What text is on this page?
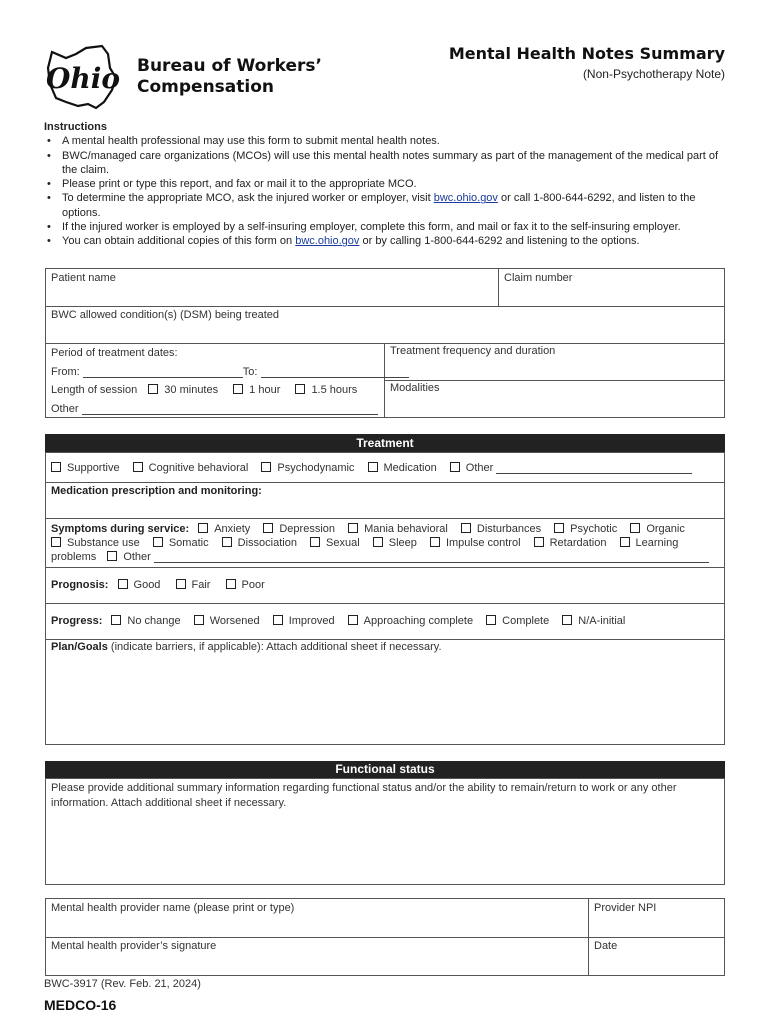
Ohio Bureau of Workers’
Compensation
Mental Health Notes Summary
(Non-Psychotherapy Note)
Instructions
• A mental health professional may use this form to submit mental health notes.
• BWC/managed care organizations (MCOs) will use this mental health notes summary as part of the management of the medical part of the claim.
• Please print or type this report, and fax or mail it to the appropriate MCO.
• To determine the appropriate MCO, ask the injured worker or employer, visit bwc.ohio.gov or call 1-800-644-6292, and listen to the options.
• If the injured worker is employed by a self-insuring employer, complete this form, and mail or fax it to the self-insuring employer.
• You can obtain additional copies of this form on bwc.ohio.gov or by calling 1-800-644-6292 and listening to the options.
Patient name	Claim number
BWC allowed condition(s) (DSM) being treated
Period of treatment dates:
From:	To:
Length of session 30 minutes	1 hour	1.5 hours
Other
Treatment frequency and duration
Modalities
Treatment
Supportive	Cognitive behavioral	Psychodynamic	Medication	Other
Medication prescription and monitoring:
Symptoms during service: Anxiety	Depression	Mania behavioral	Disturbances	Psychotic	Organic
Substance use	Somatic	Dissociation	Sexual	Sleep	Impulse control	Retardation	Learning
problems Other
Prognosis: Good	Fair	Poor
Progress: No change	Worsened	Improved	Approaching complete	Complete	N/A-initial
Plan/Goals (indicate barriers, if applicable): Attach additional sheet if necessary.
Functional status
Please provide additional summary information regarding functional status and/or the ability to remain/return to work or any other information. Attach additional sheet if necessary.
Mental health provider name (please print or type)	Provider NPI
Mental health provider’s signature	Date
BWC-3917 (Rev. Feb. 21, 2024)
MEDCO-16
